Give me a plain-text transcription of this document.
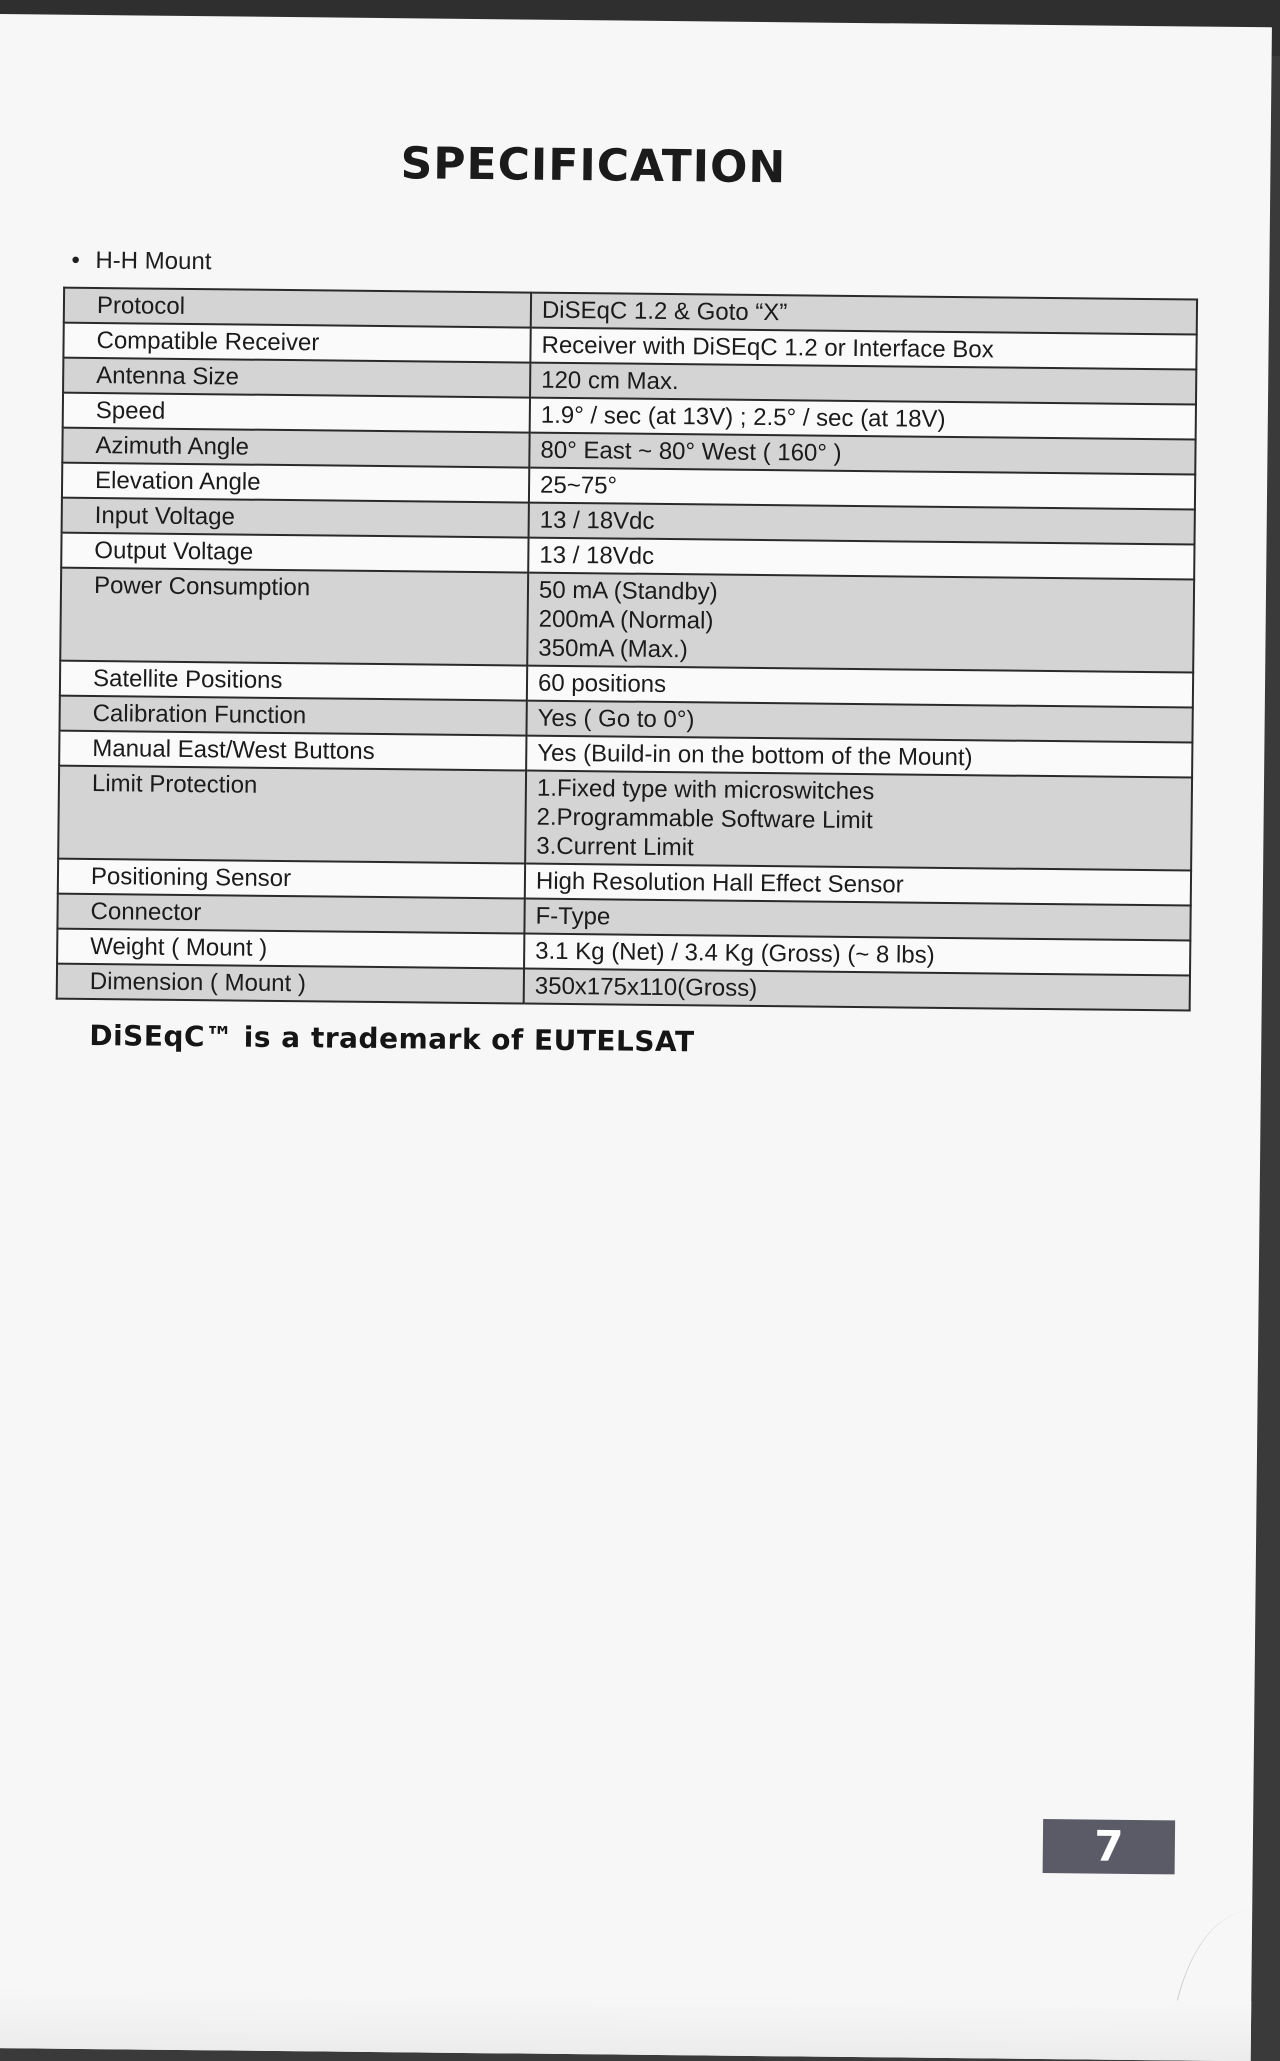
SPECIFICATION
• H-H Mount
Protocol	DiSEqC 1.2 & Goto “X”

Compatible Receiver	Receiver with DiSEqC 1.2 or Interface Box

Antenna Size	120 cm Max.

Speed	1.9° / sec (at 13V) ; 2.5° / sec (at 18V)

Azimuth Angle	80° East ~ 80° West ( 160° )

Elevation Angle	25~75°

Input Voltage	13 / 18Vdc

Output Voltage	13 / 18Vdc

Power Consumption	50 mA (Standby)
200mA (Normal)
350mA (Max.)

Satellite Positions	60 positions

Calibration Function	Yes ( Go to 0°)

Manual East/West Buttons	Yes (Build-in on the bottom of the Mount)

Limit Protection	1.Fixed type with microswitches
2.Programmable Software Limit
3.Current Limit

Positioning Sensor	High Resolution Hall Effect Sensor

Connector	F-Type

Weight ( Mount )	3.1 Kg (Net) / 3.4 Kg (Gross) (~ 8 lbs)

Dimension ( Mount )	350x175x110(Gross)
DiSEqC™ is a trademark of EUTELSAT
7
